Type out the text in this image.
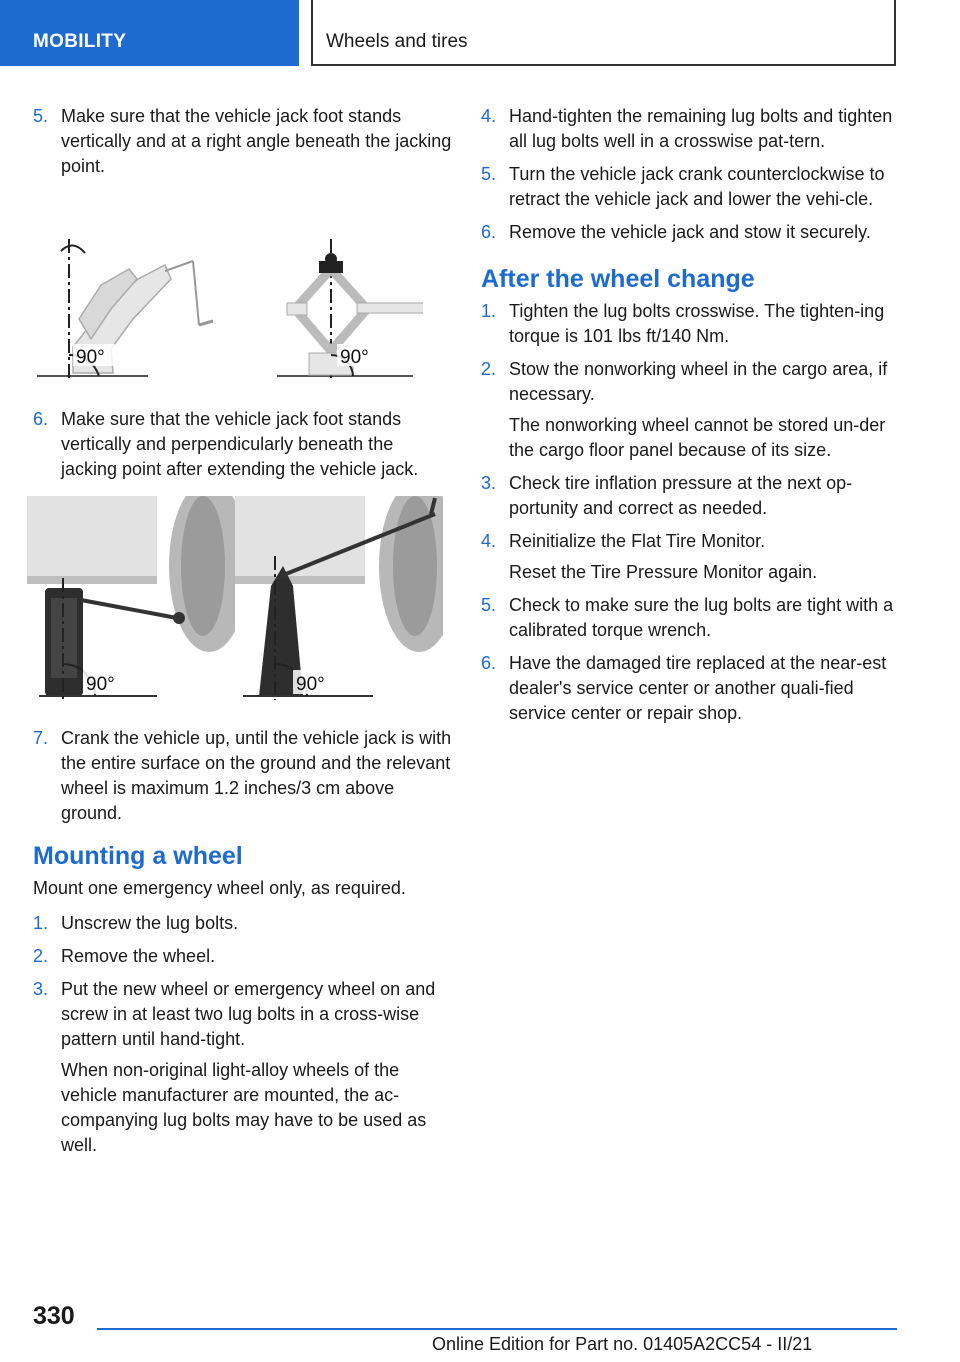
MOBILITY	Wheels and tires
5. Make sure that the vehicle jack foot stands vertically and at a right angle beneath the jacking point.

90°	90°
6. Make sure that the vehicle jack foot stands vertically and perpendicularly beneath the jacking point after extending the vehicle jack.

90°	90°
7. Crank the vehicle up, until the vehicle jack is with the entire surface on the ground and the relevant wheel is maximum 1.2 inches/3 cm above ground.

Mounting a wheel

Mount one emergency wheel only, as required.

1. Unscrew the lug bolts.

2. Remove the wheel.

3. Put the new wheel or emergency wheel on and screw in at least two lug bolts in a cross-wise pattern until hand-tight.

When non-original light-alloy wheels of the vehicle manufacturer are mounted, the ac-companying lug bolts may have to be used as well.

4. Hand-tighten the remaining lug bolts and tighten all lug bolts well in a crosswise pat-tern.

5. Turn the vehicle jack crank counterclockwise to retract the vehicle jack and lower the vehi-cle.

6. Remove the vehicle jack and stow it securely.

After the wheel change
1. Tighten the lug bolts crosswise. The tighten-ing torque is 101 lbs ft/140 Nm.

2. Stow the nonworking wheel in the cargo area, if necessary.

The nonworking wheel cannot be stored un-der the cargo floor panel because of its size.

3. Check tire inflation pressure at the next op-portunity and correct as needed.

4. Reinitialize the Flat Tire Monitor.

Reset the Tire Pressure Monitor again.

5. Check to make sure the lug bolts are tight with a calibrated torque wrench.

6. Have the damaged tire replaced at the near-est dealer's service center or another quali-fied service center or repair shop.

330
Online Edition for Part no. 01405A2CC54 - II/21
